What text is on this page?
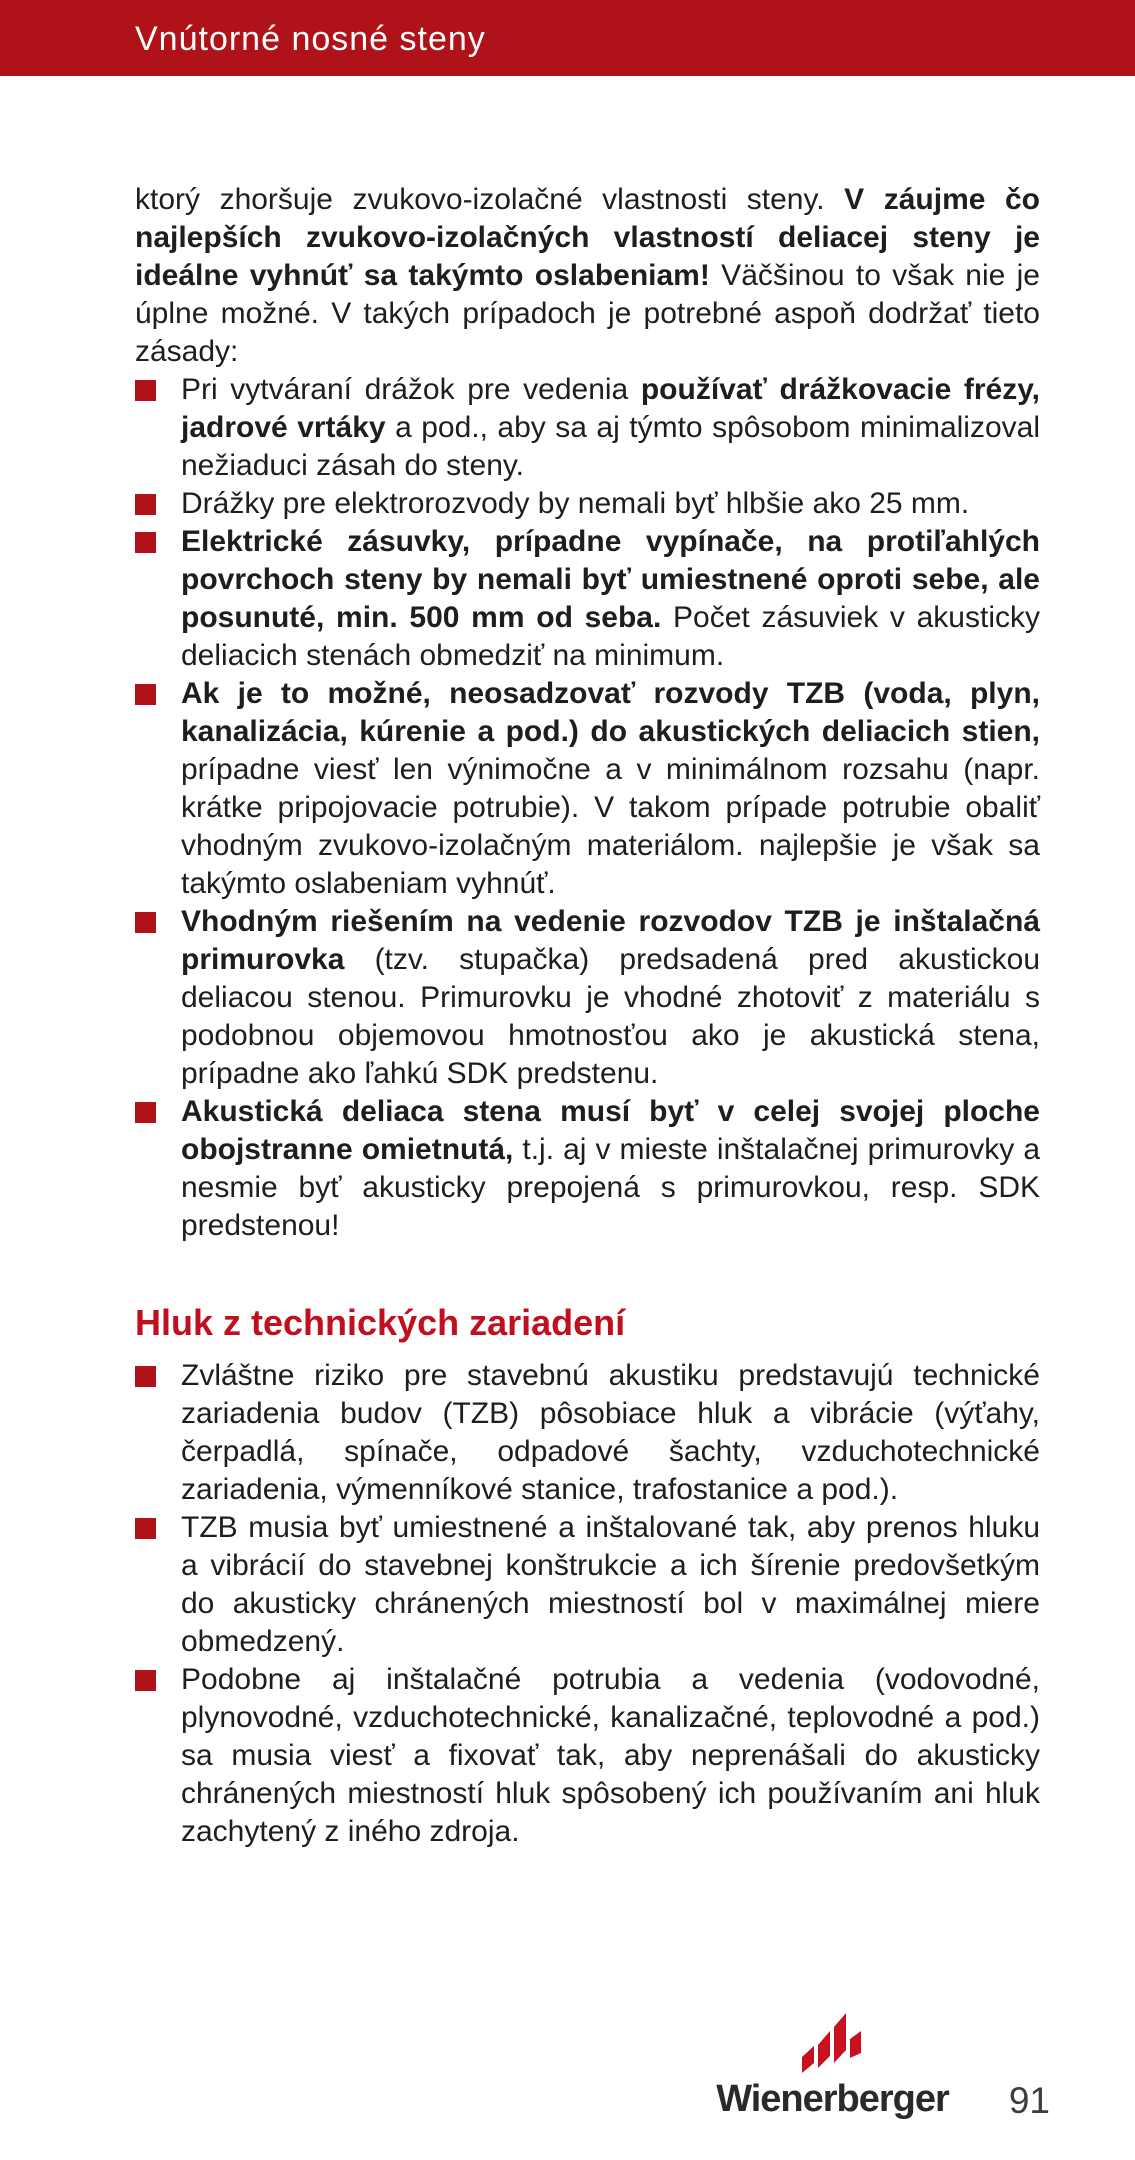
Vnútorné nosné steny

ktorý zhoršuje zvukovo-izolačné vlastnosti steny. V záujme čo najlepších zvukovo-izolačných vlastností deliacej steny je ideálne vyhnúť sa takýmto oslabeniam! Väčšinou to však nie je úplne možné. V takých prípadoch je potrebné aspoň dodržať tieto zásady:

Pri vytváraní drážok pre vedenia používať drážkovacie frézy, jadrové vrtáky a pod., aby sa aj týmto spôsobom minimalizoval nežiaduci zásah do steny.
Drážky pre elektrorozvody by nemali byť hlbšie ako 25 mm.
Elektrické zásuvky, prípadne vypínače, na protiľahlých povrchoch steny by nemali byť umiestnené oproti sebe, ale posunuté, min. 500 mm od seba. Počet zásuviek v akusticky deliacich stenách obmedziť na minimum.
Ak je to možné, neosadzovať rozvody TZB (voda, plyn, kanalizácia, kúrenie a pod.) do akustických deliacich stien, prípadne viesť len výnimočne a v minimálnom rozsahu (napr. krátke pripojovacie potrubie). V takom prípade potrubie obaliť vhodným zvukovo-izolačným materiálom. najlepšie je však sa takýmto oslabeniam vyhnúť.
Vhodným riešením na vedenie rozvodov TZB je inštalačná primurovka (tzv. stupačka) predsadená pred akustickou deliacou stenou. Primurovku je vhodné zhotoviť z materiálu s podobnou objemovou hmotnosťou ako je akustická stena, prípadne ako ľahkú SDK predstenu.
Akustická deliaca stena musí byť v celej svojej ploche obojstranne omietnutá, t.j. aj v mieste inštalačnej primurovky a nesmie byť akusticky prepojená s primurovkou, resp. SDK predstenou!
Hluk z technických zariadení
Zvláštne riziko pre stavebnú akustiku predstavujú technické zariadenia budov (TZB) pôsobiace hluk a vibrácie (výťahy, čerpadlá, spínače, odpadové šachty, vzduchotechnické zariadenia, výmenníkové stanice, trafostanice a pod.).
TZB musia byť umiestnené a inštalované tak, aby prenos hluku a vibrácií do stavebnej konštrukcie a ich šírenie predovšetkým do akusticky chránených miestností bol v maximálnej miere obmedzený.
Podobne aj inštalačné potrubia a vedenia (vodovodné, plynovodné, vzduchotechnické, kanalizačné, teplovodné a pod.) sa musia viesť a fixovať tak, aby neprenášali do akusticky chránených miestností hluk spôsobený ich používaním ani hluk zachytený z iného zdroja.
Wienerberger	91
